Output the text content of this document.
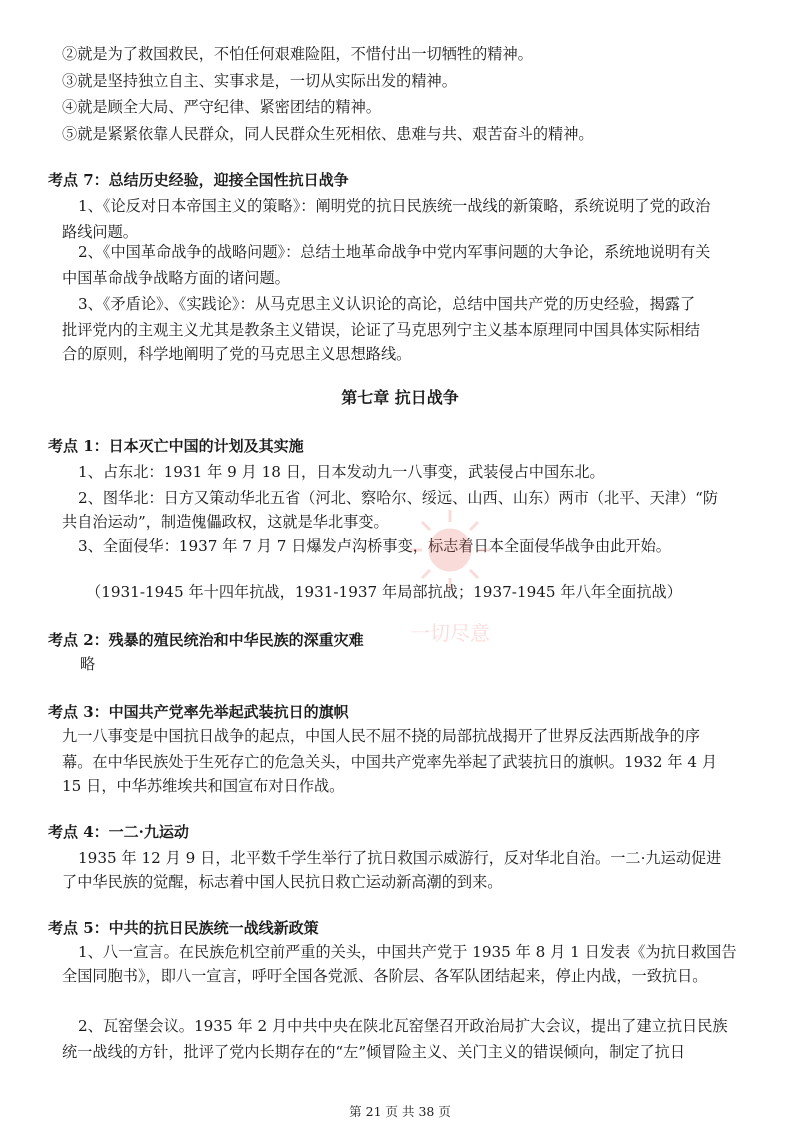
②就是为了救国救民，不怕任何艰难险阻，不惜付出一切牺牲的精神。
③就是坚持独立自主、实事求是，一切从实际出发的精神。
④就是顾全大局、严守纪律、紧密团结的精神。
⑤就是紧紧依靠人民群众，同人民群众生死相依、患难与共、艰苦奋斗的精神。
考点 7：总结历史经验，迎接全国性抗日战争
1、《论反对日本帝国主义的策略》：阐明党的抗日民族统一战线的新策略，系统说明了党的政治
路线问题。
2、《中国革命战争的战略问题》：总结土地革命战争中党内军事问题的大争论，系统地说明有关
中国革命战争战略方面的诸问题。
3、《矛盾论》、《实践论》：从马克思主义认识论的高论，总结中国共产党的历史经验，揭露了
批评党内的主观主义尤其是教条主义错误，论证了马克思列宁主义基本原理同中国具体实际相结
合的原则，科学地阐明了党的马克思主义思想路线。
第七章 抗日战争
考点 1：日本灭亡中国的计划及其实施
1、占东北：1931 年 9 月 18 日，日本发动九一八事变，武装侵占中国东北。
2、图华北：日方又策动华北五省（河北、察哈尔、绥远、山西、山东）两市（北平、天津）“防
共自治运动”，制造傀儡政权，这就是华北事变。
3、全面侵华：1937 年 7 月 7 日爆发卢沟桥事变，标志着日本全面侵华战争由此开始。
（1931-1945 年十四年抗战，1931-1937 年局部抗战；1937-1945 年八年全面抗战）
考点 2：残暴的殖民统治和中华民族的深重灾难
略
考点 3：中国共产党率先举起武装抗日的旗帜
九一八事变是中国抗日战争的起点，中国人民不屈不挠的局部抗战揭开了世界反法西斯战争的序
幕。在中华民族处于生死存亡的危急关头，中国共产党率先举起了武装抗日的旗帜。1932 年 4 月
15 日，中华苏维埃共和国宣布对日作战。
考点 4：一二·九运动
1935 年 12 月 9 日，北平数千学生举行了抗日救国示威游行，反对华北自治。一二·九运动促进
了中华民族的觉醒，标志着中国人民抗日救亡运动新高潮的到来。
考点 5：中共的抗日民族统一战线新政策
1、八一宣言。在民族危机空前严重的关头，中国共产党于 1935 年 8 月 1 日发表《为抗日救国告
全国同胞书》，即八一宣言，呼吁全国各党派、各阶层、各军队团结起来，停止内战，一致抗日。
2、瓦窑堡会议。1935 年 2 月中共中央在陕北瓦窑堡召开政治局扩大会议，提出了建立抗日民族
统一战线的方针，批评了党内长期存在的“左”倾冒险主义、关门主义的错误倾向，制定了抗日
一切尽意
第 21 页 共 38 页
